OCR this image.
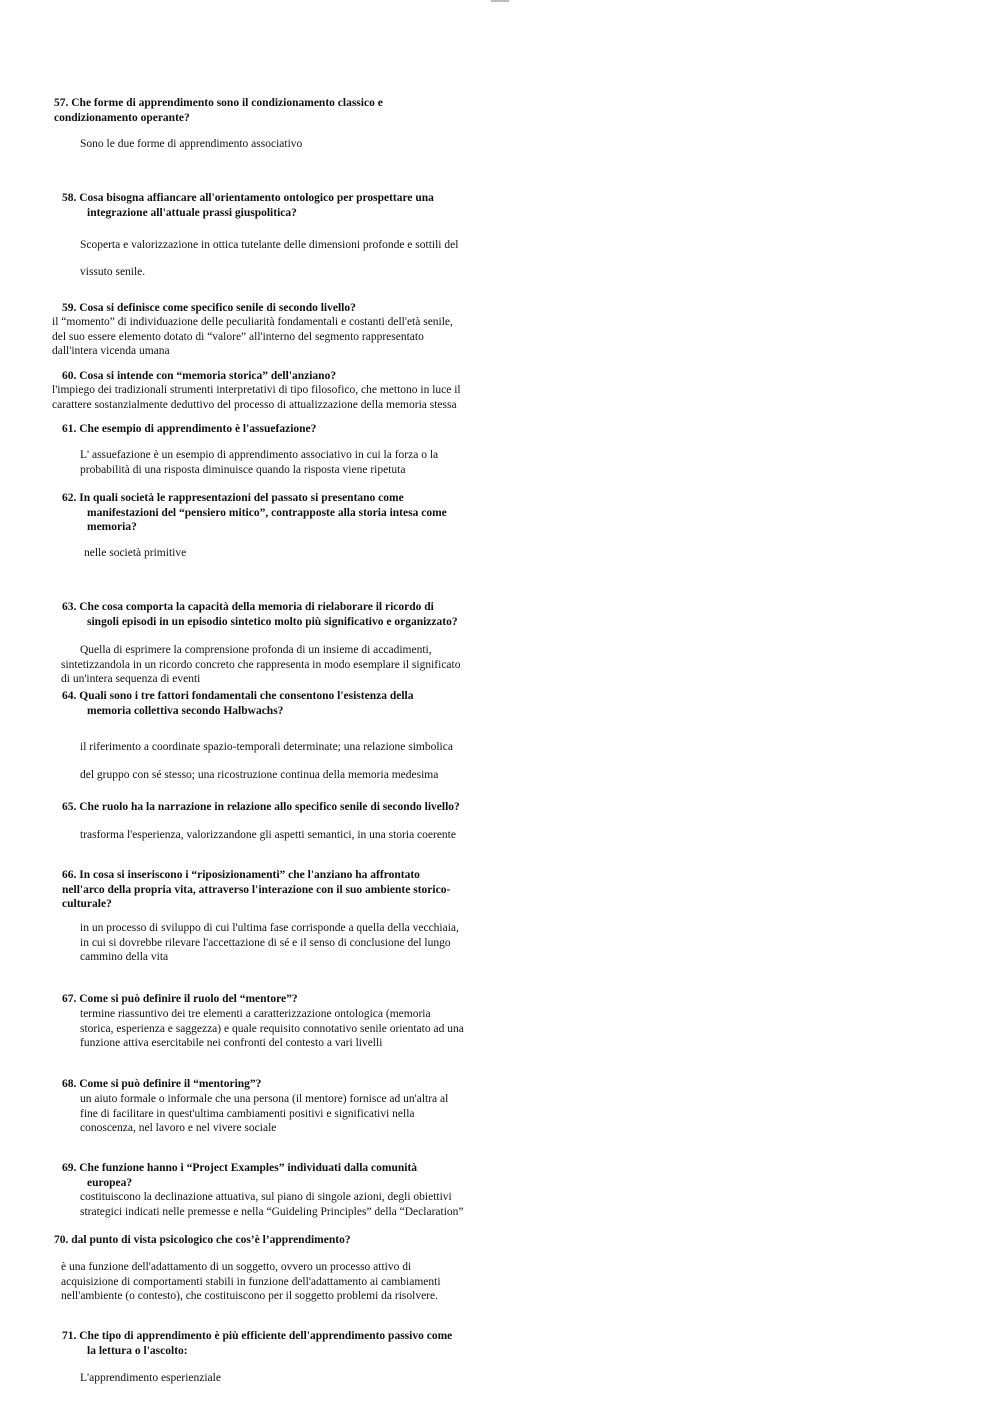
57. Che forme di apprendimento sono il condizionamento classico e
condizionamento operante?
Sono le due forme di apprendimento associativo
58. Cosa bisogna affiancare all'orientamento ontologico per prospettare una
integrazione all'attuale prassi giuspolitica?
Scoperta e valorizzazione in ottica tutelante delle dimensioni profonde e sottili del
vissuto senile.
59. Cosa si definisce come specifico senile di secondo livello?
il “momento” di individuazione delle peculiarità fondamentali e costanti dell'età senile,
del suo essere elemento dotato di “valore” all'interno del segmento rappresentato
dall'intera vicenda umana
60. Cosa si intende con “memoria storica” dell'anziano?
l'impiego dei tradizionali strumenti interpretativi di tipo filosofico, che mettono in luce il
carattere sostanzialmente deduttivo del processo di attualizzazione della memoria stessa
61. Che esempio di apprendimento è l'assuefazione?
L' assuefazione è un esempio di apprendimento associativo in cui la forza o la
probabilità di una risposta diminuisce quando la risposta viene ripetuta
62. In quali società le rappresentazioni del passato si presentano come
manifestazioni del “pensiero mitico”, contrapposte alla storia intesa come
memoria?
nelle società primitive
63. Che cosa comporta la capacità della memoria di rielaborare il ricordo di
singoli episodi in un episodio sintetico molto più significativo e organizzato?
Quella di esprimere la comprensione profonda di un insieme di accadimenti,
sintetizzandola in un ricordo concreto che rappresenta in modo esemplare il significato
di un'intera sequenza di eventi
64. Quali sono i tre fattori fondamentali che consentono l'esistenza della
memoria collettiva secondo Halbwachs?
il riferimento a coordinate spazio-temporali determinate; una relazione simbolica
del gruppo con sé stesso; una ricostruzione continua della memoria medesima
65. Che ruolo ha la narrazione in relazione allo specifico senile di secondo livello?
trasforma l'esperienza, valorizzandone gli aspetti semantici, in una storia coerente
66. In cosa si inseriscono i “riposizionamenti” che l'anziano ha affrontato
nell'arco della propria vita, attraverso l'interazione con il suo ambiente storico-
culturale?
in un processo di sviluppo di cui l'ultima fase corrisponde a quella della vecchiaia,
in cui si dovrebbe rilevare l'accettazione di sé e il senso di conclusione del lungo
cammino della vita
67. Come si può definire il ruolo del “mentore”?
termine riassuntivo dei tre elementi a caratterizzazione ontologica (memoria
storica, esperienza e saggezza) e quale requisito connotativo senile orientato ad una
funzione attiva esercitabile nei confronti del contesto a vari livelli
68. Come si può definire il “mentoring”?
un aiuto formale o informale che una persona (il mentore) fornisce ad un'altra al
fine di facilitare in quest'ultima cambiamenti positivi e significativi nella
conoscenza, nel lavoro e nel vivere sociale
69. Che funzione hanno i “Project Examples” individuati dalla comunità
europea?
costituiscono la declinazione attuativa, sul piano di singole azioni, degli obiettivi
strategici indicati nelle premesse e nella “Guideling Principles” della “Declaration”
70. dal punto di vista psicologico che cos’è l’apprendimento?
è una funzione dell'adattamento di un soggetto, ovvero un processo attivo di
acquisizione di comportamenti stabili in funzione dell'adattamento ai cambiamenti
nell'ambiente (o contesto), che costituiscono per il soggetto problemi da risolvere.
71. Che tipo di apprendimento è più efficiente dell'apprendimento passivo come
la lettura o l'ascolto:
L'apprendimento esperienziale
